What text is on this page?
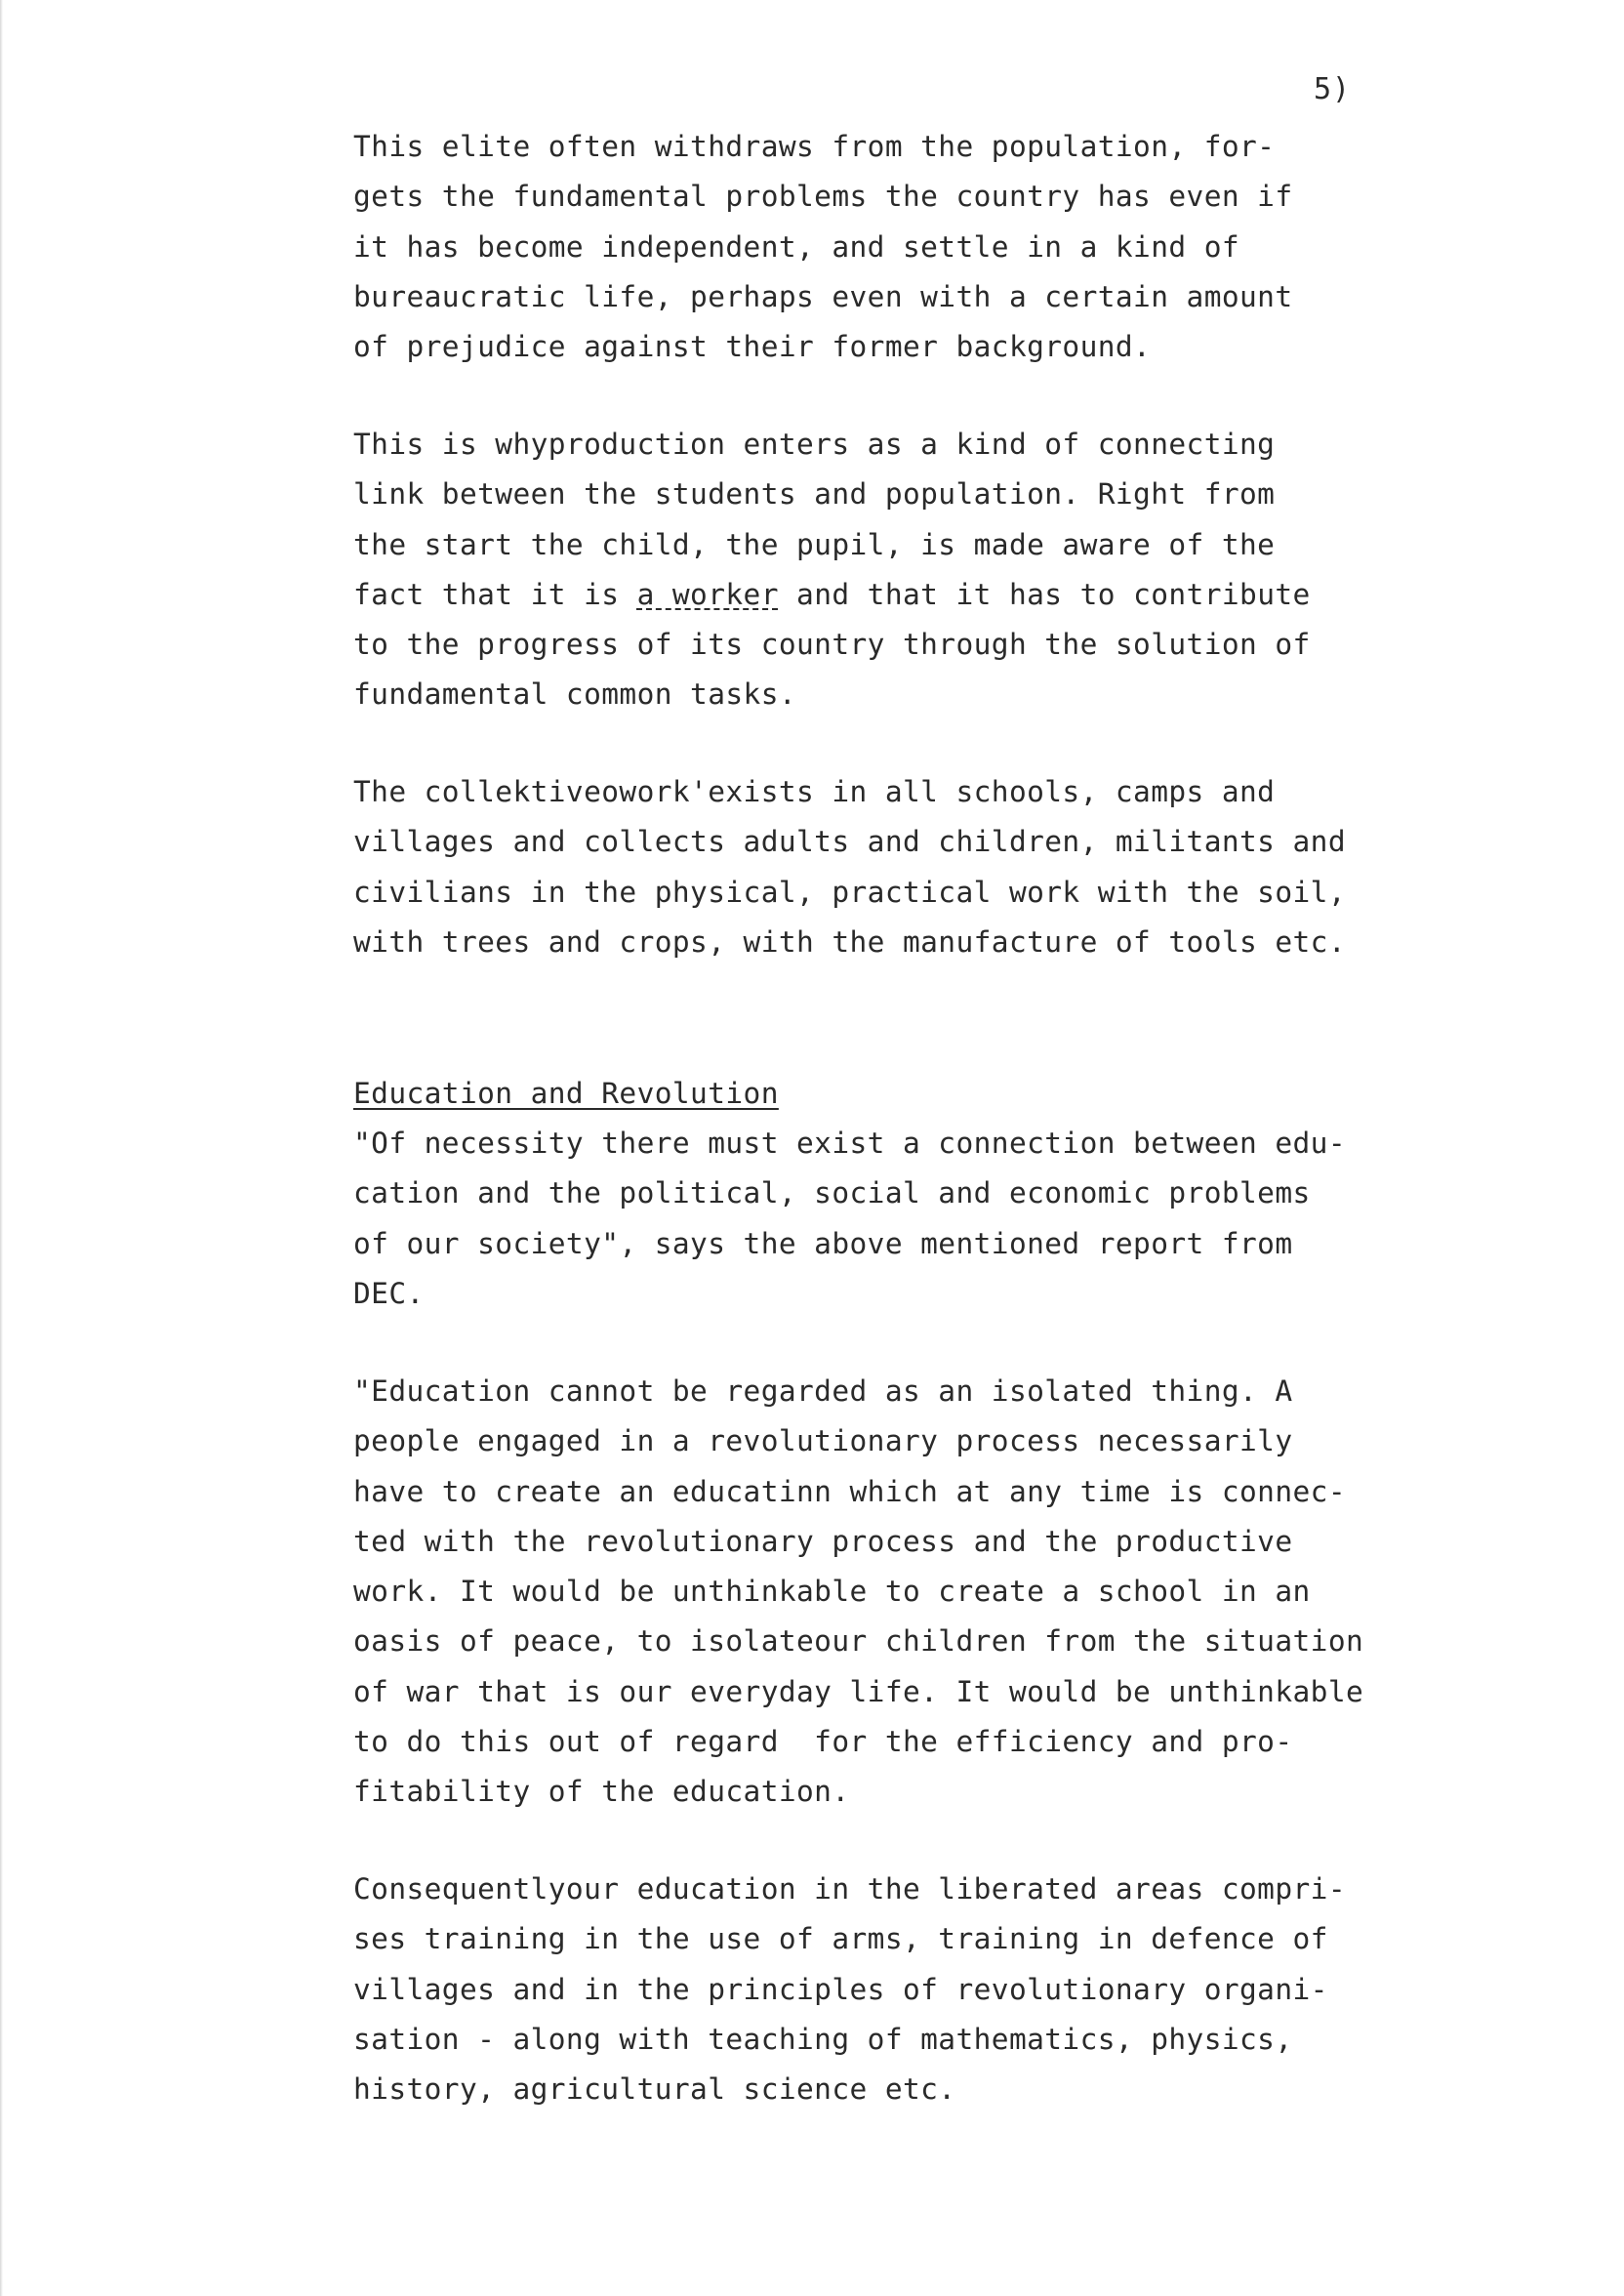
5)
This elite often withdraws from the population, for-
gets the fundamental problems the country has even if
it has become independent, and settle in a kind of
bureaucratic life, perhaps even with a certain amount
of prejudice against their former background.
This is whyproduction enters as a kind of connecting
link between the students and population. Right from
the start the child, the pupil, is made aware of the
fact that it is a worker and that it has to contribute
to the progress of its country through the solution of
fundamental common tasks.
The collektiveowork'exists in all schools, camps and
villages and collects adults and children, militants and
civilians in the physical, practical work with the soil,
with trees and crops, with the manufacture of tools etc.
Education and Revolution
"Of necessity there must exist a connection between edu-
cation and the political, social and economic problems
of our society", says the above mentioned report from
DEC.
"Education cannot be regarded as an isolated thing. A
people engaged in a revolutionary process necessarily
have to create an educatinn which at any time is connec-
ted with the revolutionary process and the productive
work. It would be unthinkable to create a school in an
oasis of peace, to isolateour children from the situation
of war that is our everyday life. It would be unthinkable
to do this out of regard  for the efficiency and pro-
fitability of the education.
Consequentlyour education in the liberated areas compri-
ses training in the use of arms, training in defence of
villages and in the principles of revolutionary organi-
sation - along with teaching of mathematics, physics,
history, agricultural science etc.
